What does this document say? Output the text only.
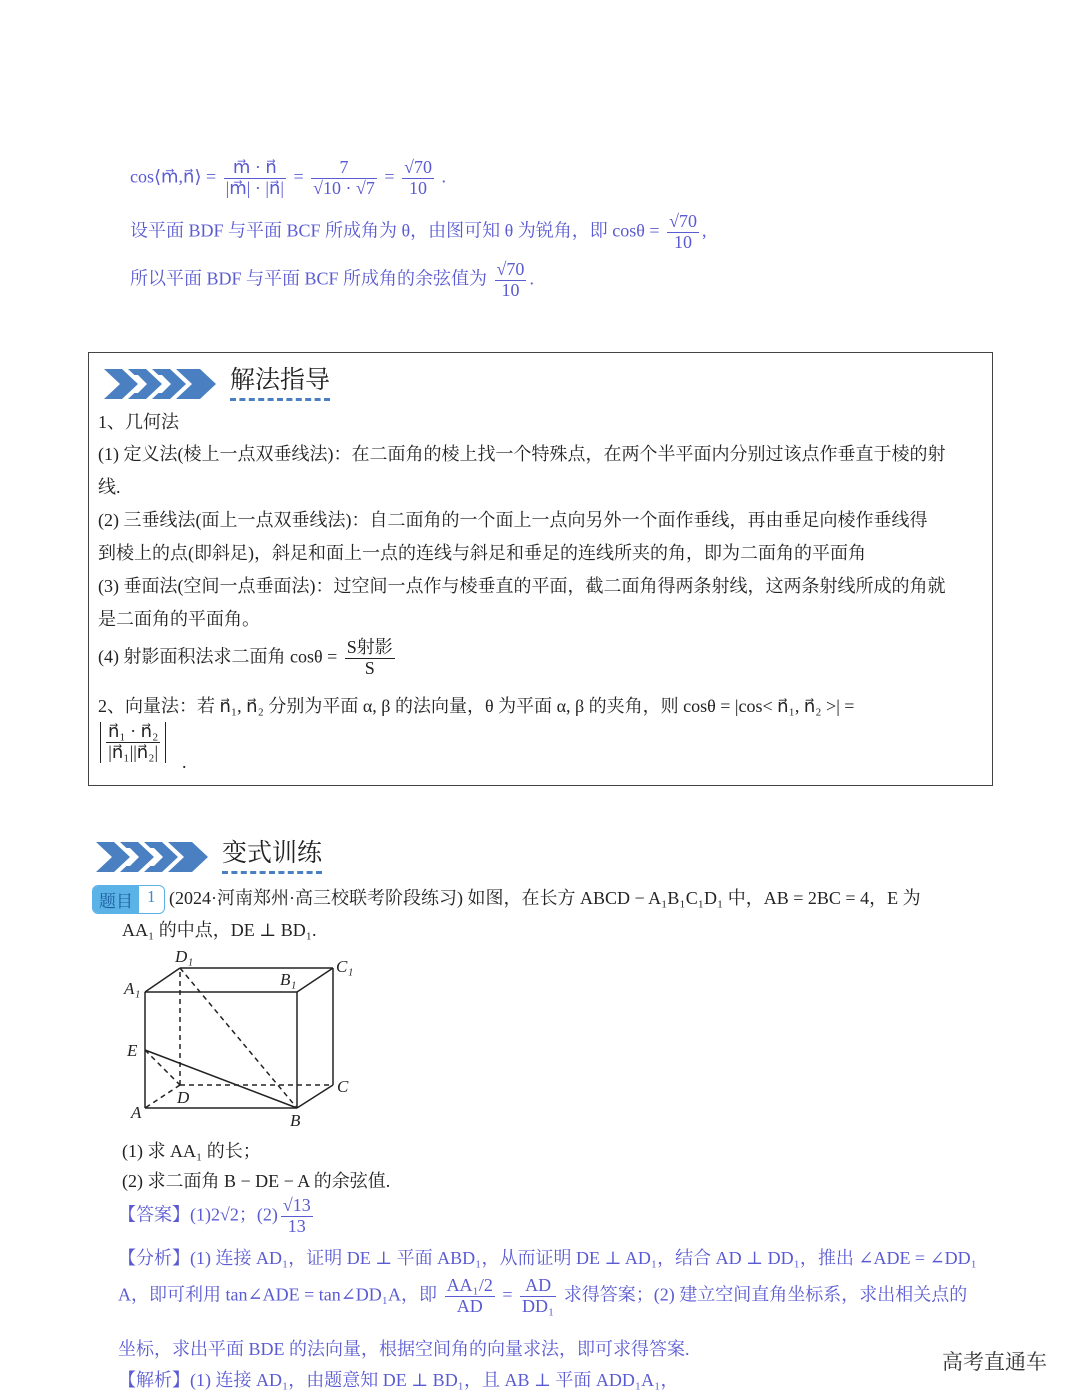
cos⟨m⃗,n⃗⟩ = $\frac{m⃗ \cdot n⃗}{|m⃗| \cdot |n⃗|} = \frac{7}{√10 \cdot √7} = \frac{√70}{10}$ .
设平面 BDF 与平面 BCF 所成角为 θ，由图可知 θ 为锐角，即 $\cos\theta = \frac{√70}{10}$ ,
所以平面 BDF 与平面 BCF 所成角的余弦值为 $\frac{√70}{10}$ .
解法指导
1、几何法
(1) 定义法(棱上一点双垂线法)：在二面角的棱上找一个特殊点，在两个半平面内分别过该点作垂直于棱的射
线.
(2) 三垂线法(面上一点双垂线法)：自二面角的一个面上一点向另外一个面作垂线，再由垂足向棱作垂线得
到棱上的点(即斜足)，斜足和面上一点的连线与斜足和垂足的连线所夹的角，即为二面角的平面角
(3) 垂面法(空间一点垂面法)：过空间一点作与棱垂直的平面，截二面角得两条射线，这两条射线所成的角就
是二面角的平面角。
(4) 射影面积法求二面角 $\cos\theta = \frac{\text{S射影}}{S}$
2、向量法：若 n⃗₁, n⃗₂ 分别为平面 α, β 的法向量，θ 为平面 α, β 的夹角，则 cosθ = |cos< n⃗₁, n⃗₂ >| =
$\frac{\text{n⃗₁ · n⃗₂}}{\text{|n⃗₁||n⃗₂|}}$ .
变式训练
题目 1 (2024·河南郑州·高三校联考阶段练习) 如图，在长方 ABCD − A₁B₁C₁D₁ 中，AB = 2BC = 4，E 为
AA₁ 的中点，DE ⊥ BD₁.
D₁
B₁
C₁
A₁
E
C
D
A	B
(1) 求 AA₁ 的长；
(2) 求二面角 B − DE − A 的余弦值.
【答案】(1)2√2；$(2) \frac{√13}{13}$
【分析】(1) 连接 AD₁，证明 DE ⊥ 平面 ABD₁，从而证明 DE ⊥ AD₁，结合 AD ⊥ DD₁，推出 ∠ADE = ∠DD₁
A，即可利用 tan∠ADE = tan∠DD₁A，即 $\frac{\text{AA₁/2}}{AD} = \frac{AD}{\text{DD₁}}$ 求得答案；(2) 建立空间直角坐标系，求出相关点的
坐标，求出平面 BDE 的法向量，根据空间角的向量求法，即可求得答案.
【解析】(1) 连接 AD₁，由题意知 DE ⊥ BD₁，且 AB ⊥ 平面 ADD₁A₁，
高考直通车
